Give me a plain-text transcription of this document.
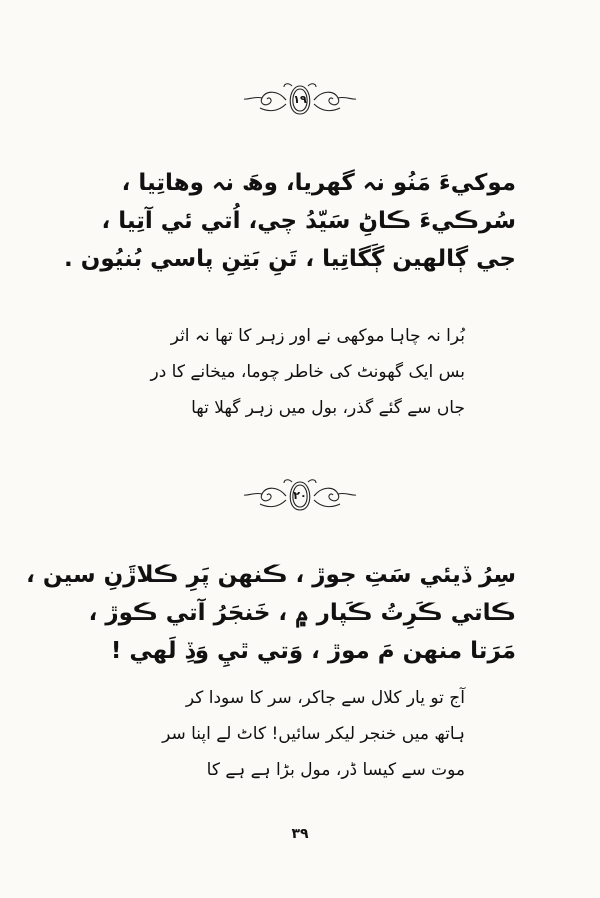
۱۹
موکيءَ مَنُو نہ گھريا، وھَ نہ وھاتِيا ،
سُرڪيءَ ڪاڻِ سَيّدُ چي، اُتي ئي آتِيا ،
جي ڳالھين ڳَگاتِيا ، تَنِ بَتِنِ پاسي بُنيُون .
بُرا نہ چاہا موکھی نے اور زہر کا تھا نہ اثر
بس ایک گھونٹ کی خاطر چوما، میخانے کا در
جاں سے گئے گذر، بول میں زہر گھلا تھا
۲۰
سِرُ ڏيئي سَتِ جوڙ ، ڪنهن پَرِ ڪلاڙَنِ سين ،
ڪاتي ڪَرِتُ ڪَپار ۾ ، خَنجَرُ آتي ڪوڙ ،
مَرَتا منهن مَ موڙ ، وَتي ٿيِ وَڏِ لَهي !
آج تو یار کلال سے جاکر، سر کا سودا کر
ہاتھ میں خنجر لیکر سائیں! کاٹ لے اپنا سر
موت سے کیسا ڈر، مول بڑا ہے ہے کا
۳۹
